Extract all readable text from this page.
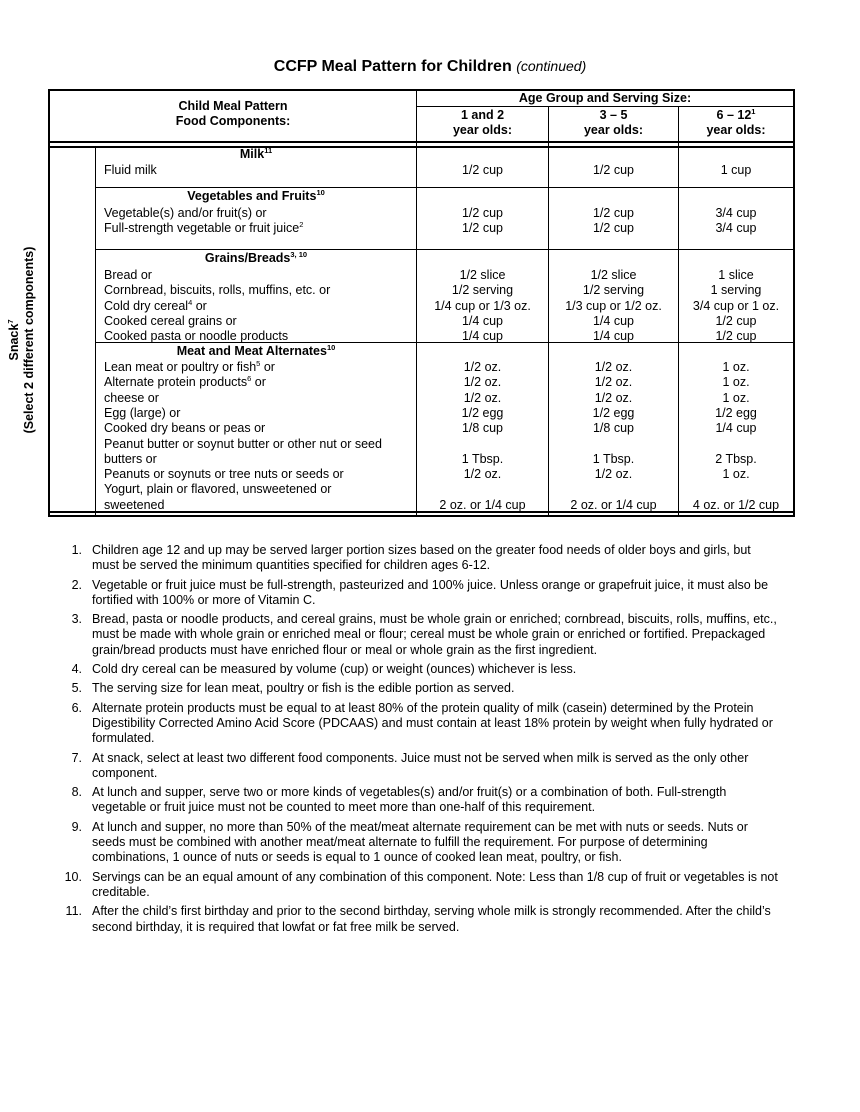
CCFP Meal Pattern for Children (continued)
Child Meal Pattern
Food Components:
Age Group and Serving Size:
1 and 2
year olds:
3 – 5
year olds:
$6 - 12^1$
year olds:
Milk$^{11}$
Fluid milk	1/2 cup	1/2 cup	1 cup
Vegetables and Fruits$^{10}$
Vegetable(s) and/or fruit(s) or	1/2 cup	1/2 cup	3/4 cup
Full-strength vegetable or fruit juice$^2$	1/2 cup	1/2 cup	3/4 cup
Grains/Breads$^{3, 10}$
Bread or	1/2 slice	1/2 slice	1 slice
Cornbread, biscuits, rolls, muffins, etc. or	1/2 serving	1/2 serving	1 serving
Cold dry cereal$^4$ or	1/4 cup or 1/3 oz.	1/3 cup or 1/2 oz.	3/4 cup or 1 oz.
Cooked cereal grains or	1/4 cup	1/4 cup	1/2 cup
Cooked pasta or noodle products	1/4 cup	1/4 cup	1/2 cup
Meat and Meat Alternates$^{10}$
Lean meat or poultry or fish$^5$ or	1/2 oz.	1/2 oz.	1 oz.
Alternate protein products$^6$ or	1/2 oz.	1/2 oz.	1 oz.
cheese or	1/2 oz.	1/2 oz.	1 oz.
Egg (large) or	1/2 egg	1/2 egg	1/2 egg
Cooked dry beans or peas or	1/8 cup	1/8 cup	1/4 cup
Peanut butter or soynut butter or other nut or seed
butters or	1 Tbsp.	1 Tbsp.	2 Tbsp.
Peanuts or soynuts or tree nuts or seeds or	1/2 oz.	1/2 oz.	1 oz.
Yogurt, plain or flavored, unsweetened or
sweetened	2 oz. or 1/4 cup	2 oz. or 1/4 cup	4 oz. or 1/2 cup
Snack$^7$ (Select 2 different components)
1. Children age 12 and up may be served larger portion sizes based on the greater food needs of older boys and girls, but must be served the minimum quantities specified for children ages 6-12.
2. Vegetable or fruit juice must be full-strength, pasteurized and 100% juice. Unless orange or grapefruit juice, it must also be fortified with 100% or more of Vitamin C.
3. Bread, pasta or noodle products, and cereal grains, must be whole grain or enriched; cornbread, biscuits, rolls, muffins, etc., must be made with whole grain or enriched meal or flour; cereal must be whole grain or enriched or fortified. Prepackaged grain/bread products must have enriched flour or meal or whole grain as the first ingredient.
4. Cold dry cereal can be measured by volume (cup) or weight (ounces) whichever is less.
5. The serving size for lean meat, poultry or fish is the edible portion as served.
6. Alternate protein products must be equal to at least 80% of the protein quality of milk (casein) determined by the Protein Digestibility Corrected Amino Acid Score (PDCAAS) and must contain at least 18% protein by weight when fully hydrated or formulated.
7. At snack, select at least two different food components. Juice must not be served when milk is served as the only other component.
8. At lunch and supper, serve two or more kinds of vegetables(s) and/or fruit(s) or a combination of both. Full-strength vegetable or fruit juice must not be counted to meet more than one-half of this requirement.
9. At lunch and supper, no more than 50% of the meat/meat alternate requirement can be met with nuts or seeds. Nuts or seeds must be combined with another meat/meat alternate to fulfill the requirement. For purpose of determining combinations, 1 ounce of nuts or seeds is equal to 1 ounce of cooked lean meat, poultry, or fish.
10. Servings can be an equal amount of any combination of this component. Note: Less than 1/8 cup of fruit or vegetables is not creditable.
11. After the child’s first birthday and prior to the second birthday, serving whole milk is strongly recommended. After the child’s second birthday, it is required that lowfat or fat free milk be served.
